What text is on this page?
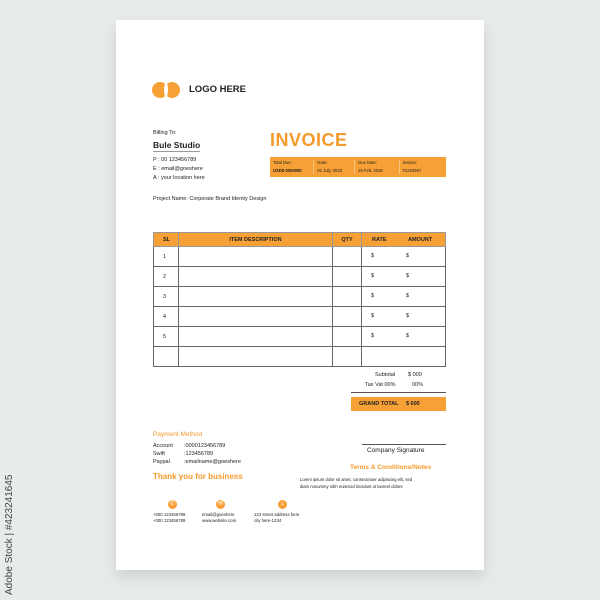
LOGO HERE
Billing To:
Bule Studio
P : 00 123456789
E : email@goeshere
A : your location here
INVOICE
Total Due:
USD$ 0000000
Date:
01 July, 2020
Due Date:
25 Feb, 2020
Invoice:
#1234567
Project Name: Corporate Brand Identiy Design
SL	ITEM DESCRIPTION	QTY	RATE AMOUNT

1			$ $

2			$ $

3			$ $

4			$ $

5			$ $

Subtotal $ 000
Tax Vat 00%	00%
GRAND TOTAL $ 000
Payment Method
Account :0000123456789
Swift	:123456789
Paypal	:emailname@goeshere
Thank you for business
Company Signature
Terms & Conditions/Notes
Lorem ipsum dolor sit amet, consectetuer adipiscing elit, sed
diam nonummy nibh euismod tincidunt ut laoreet dolore
✆	✉	⌂
+000 123456789
+000 123456789
email@goeshere
www.website.com
123 street address here
city here-1234
Adobe Stock | #423241645
